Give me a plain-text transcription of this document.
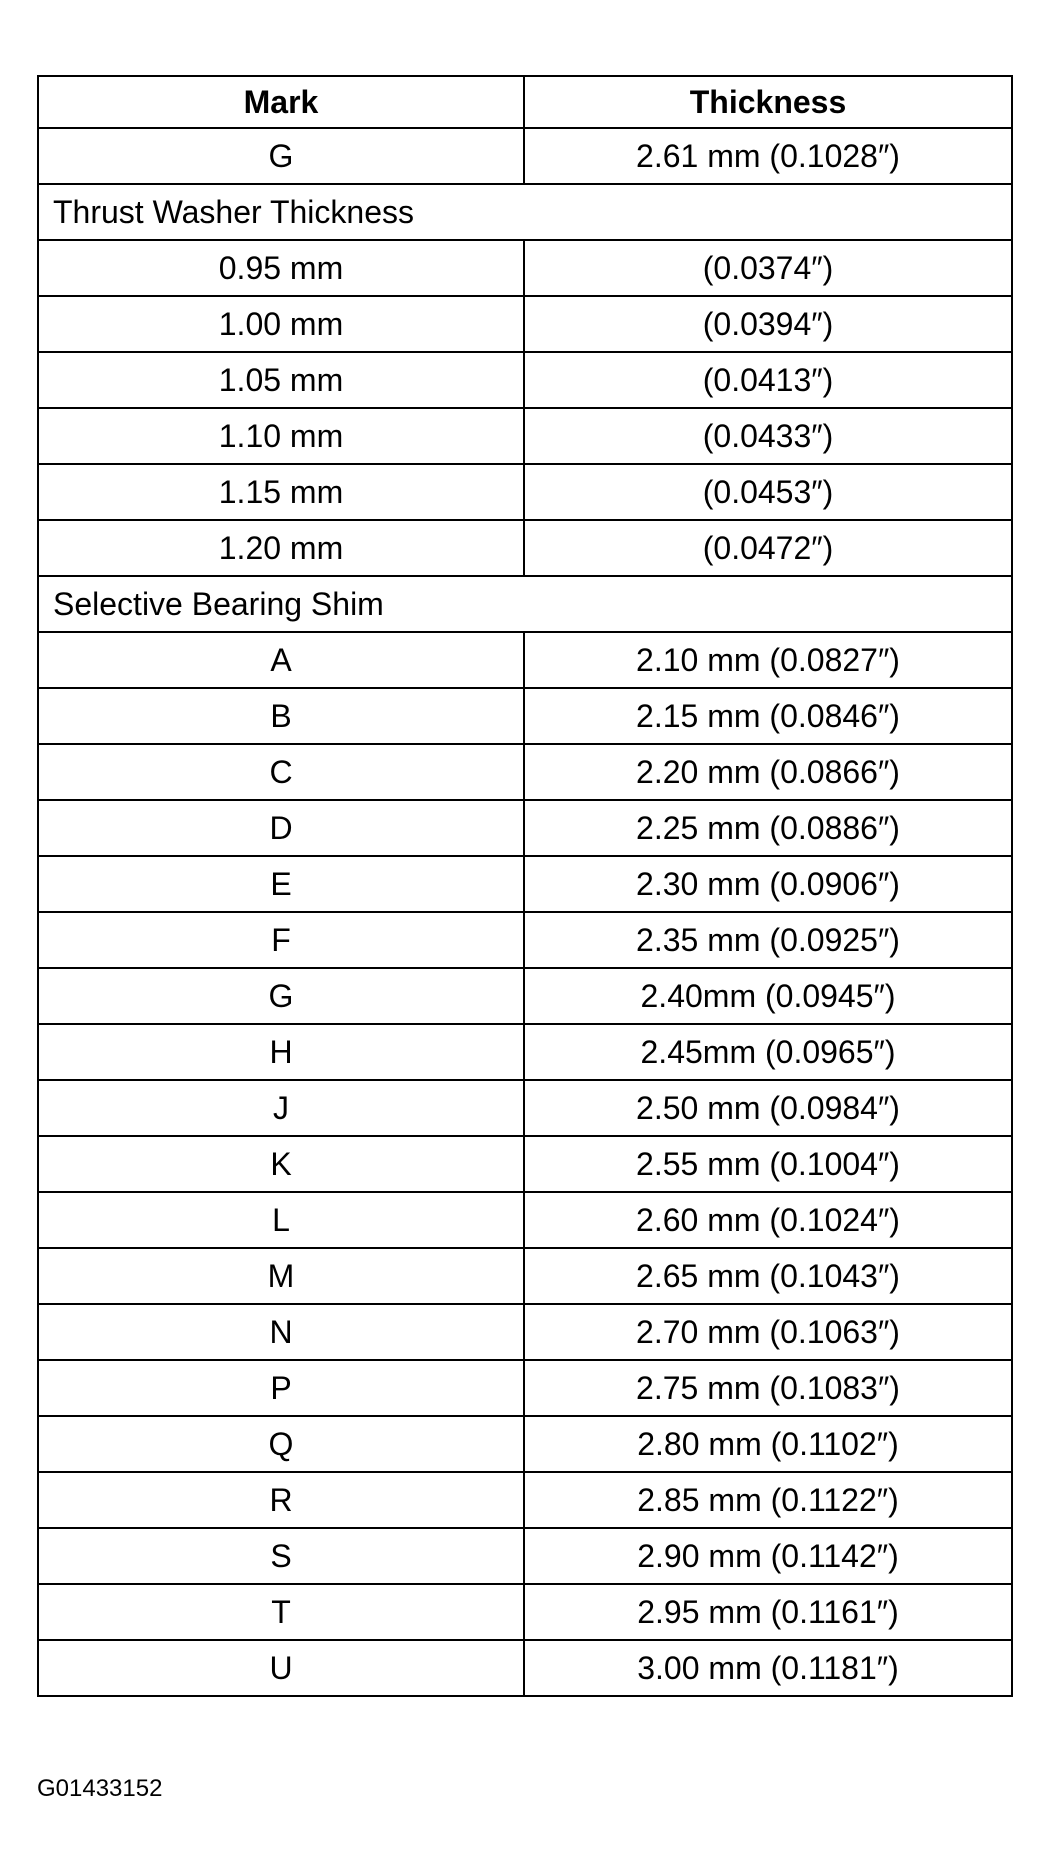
Mark	Thickness
G	2.61 mm (0.1028″)
Thrust Washer Thickness	
0.95 mm	(0.0374″)
1.00 mm	(0.0394″)
1.05 mm	(0.0413″)
1.10 mm	(0.0433″)
1.15 mm	(0.0453″)
1.20 mm	(0.0472″)
Selective Bearing Shim	
A	2.10 mm (0.0827″)
B	2.15 mm (0.0846″)
C	2.20 mm (0.0866″)
D	2.25 mm (0.0886″)
E	2.30 mm (0.0906″)
F	2.35 mm (0.0925″)
G	2.40mm (0.0945″)
H	2.45mm (0.0965″)
J	2.50 mm (0.0984″)
K	2.55 mm (0.1004″)
L	2.60 mm (0.1024″)
M	2.65 mm (0.1043″)
N	2.70 mm (0.1063″)
P	2.75 mm (0.1083″)
Q	2.80 mm (0.1102″)
R	2.85 mm (0.1122″)
S	2.90 mm (0.1142″)
T	2.95 mm (0.1161″)
U	3.00 mm (0.1181″)
G01433152
